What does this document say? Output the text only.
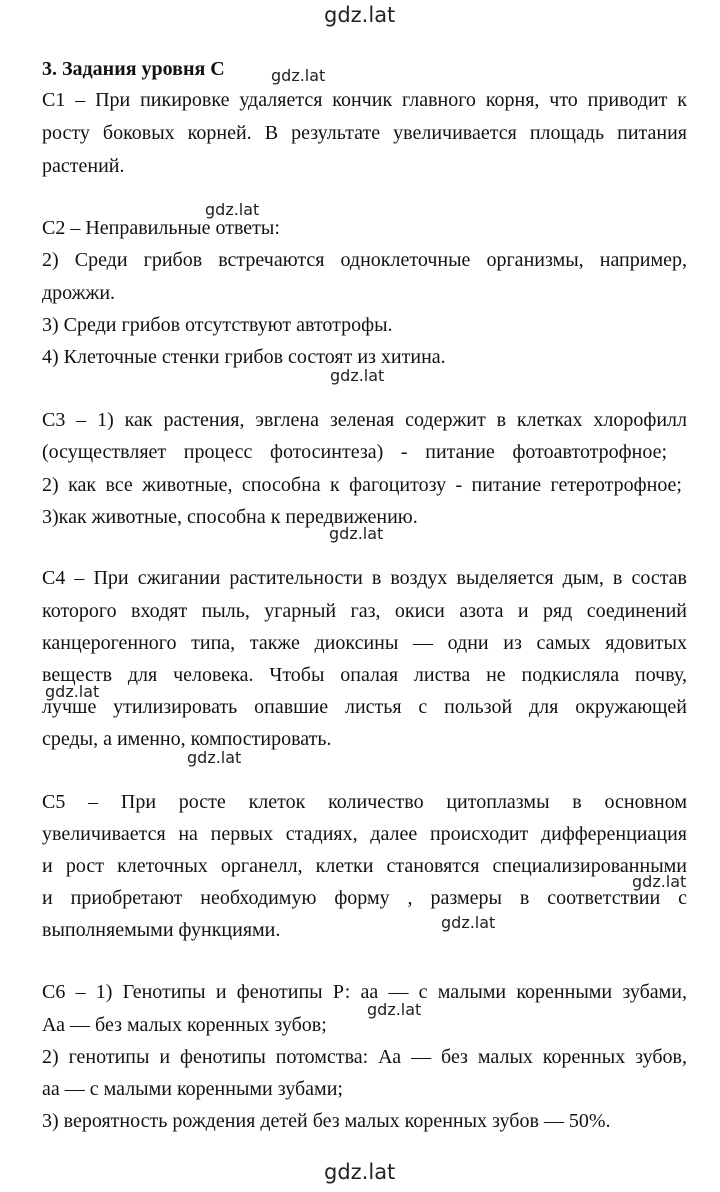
gdz.lat
gdz.lat
gdz.lat
gdz.lat
gdz.lat
gdz.lat
gdz.lat
gdz.lat
gdz.lat
gdz.lat
gdz.lat
3. Задания уровня С
С1 – При пикировке удаляется кончик главного корня, что приводит к
росту боковых корней. В результате увеличивается площадь питания
растений.
С2 – Неправильные ответы:
2) Среди грибов встречаются одноклеточные организмы, например,
дрожжи.
3) Среди грибов отсутствуют автотрофы.
4) Клеточные стенки грибов состоят из хитина.
С3 – 1) как растения, эвглена зеленая содержит в клетках хлорофилл
(осуществляет процесс фотосинтеза) - питание фотоавтотрофное;
2) как все животные, способна к фагоцитозу - питание гетеротрофное;
3)как животные, способна к передвижению.
С4 – При сжигании растительности в воздух выделяется дым, в состав
которого входят пыль, угарный газ, окиси азота и ряд соединений
канцерогенного типа, также диоксины — одни из самых ядовитых
веществ для человека. Чтобы опалая листва не подкисляла почву,
лучше утилизировать опавшие листья с пользой для окружающей
среды, а именно, компостировать.
С5 – При росте клеток количество цитоплазмы в основном
увеличивается на первых стадиях, далее происходит дифференциация
и рост клеточных органелл, клетки становятся специализированными
и приобретают необходимую форму , размеры в соответствии с
выполняемыми функциями.
С6 – 1) Генотипы и фенотипы Р: аа — с малыми коренными зубами,
Аа — без малых коренных зубов;
2) генотипы и фенотипы потомства: Аа — без малых коренных зубов,
аа — с малыми коренными зубами;
3) вероятность рождения детей без малых коренных зубов — 50%.
